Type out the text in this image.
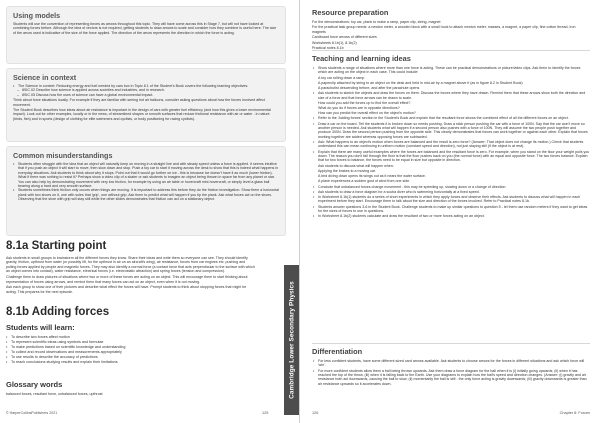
Using models

Students will use the convention of representing forces as arrows throughout this topic. They will have come across this in Stage 7, but will not have looked at combining forces before. Although the idea of vectors is not required, getting students to draw arrows to scale and consider how they combine is useful here. The size of the arrow used is indicative of the size of the force applied. The direction of the arrow represents the direction in which the force is acting.

Science in context
• The Science in context: Reducing energy and fuel needed by cars box in Topic 8.1 of the Student's Book covers the following learning objectives:
– 8SIC.02 Describe how science is applied across societies and industries, and in research.
– 8SIC.05 Discuss how the uses of science can have a global environmental impact.

Think about force situations locally. For example if they are familiar with seeing hot air balloons, consider asking questions about how the forces involved affect movement.

The Student Book describes how ideas about air resistance is important in the design of cars with greater fuel efficiency (and how this gives a lower environmental impact). Look out for other examples, locally or in the news, of streamlined shapes or smooth surfaces that reduce frictional resistance with air or water - in nature (birds, fish) and in sports (design of clothing for elite swimmers and cyclists, or body positioning for racing cyclists).

Common misunderstandings
• Students often struggle with the idea that an object will naturally keep on moving in a straight line and with steady speed unless a force is applied. It seems intuitive that if you push an object it will start to move, then slow down and stop. Push a toy car to start it moving across the desk to show that this is indeed what happens in everyday situations. Ask students to think about why it stops. Point out that it would go further on ice - this is because ice doesn't have it as much (lower friction). What if there was nothing to resist it? Perhaps show a video clip of a skater or ask students to imagine an object being thrown in space far from any planet or star. You can also help by demonstrating movement with very low friction, for example by using an air table or hovercraft mini-hovercraft, or simply level a glass ball bearing along a hard and very smooth surface.
• Students sometimes think friction only occurs when things are moving. It is important to address this before they do the friction investigation. Show them a horizontal plank with two shoes on it, one with soles that 'grip', one without grip. Ask them to predict what will happen if you tip the plank. Ask what forces act on the shoes. Observing that the shoe with grip will stay still while the other slides demonstrates that friction can act on a stationary object.
8.1a Starting point

Ask students in small groups to brainstorm all the different forces they know. Share their ideas and write them so everyone can see. They should identify gravity, friction, upthrust from water (or possibly lift, for the upthrust in air on an aircraft's wing), air resistance, forces from car engines etc. pushing and pulling forces applied by people and magnetic forces. They may also identify a normal force (a contact force that acts perpendicular to the surface with which an object comes into contact), water resistance, electrical forces (i.e. electrostatic attraction) and spring forces (tension and compression).

Challenge them to draw pictures of situations where two or more of these forces are acting on an object. This will encourage them to start thinking about representation of forces using arrows, and remind them that many forces can act on an object, even when it is not moving.

Ask each group to show one of their pictures and describe what effect the forces will have. Prompt students to think about stopping forces that might be acting. This prepares for the next episode.

8.1b Adding forces
Students will learn:
• To describe two forces affect motion
• To represent scientific ideas using symbols and formulae
• To make predictions based on scientific knowledge and understanding
• To collect and record observations and measurements appropriately
• To use results to describe the accuracy of predictions
• To reach conclusions studying results and explain their limitations
Glossary words
balanced forces, resultant force, unbalanced forces, upthrust
© HarperCollinsPublishers 2021	125
Cambridge Lower Secondary Physics
Resource preparation

For the demonstrations: toy car, plank to make a ramp, paper clip, string, magnet

For the practical task group needs: a newton meter, a wooden block with a small hook to attach newton meter, masses, a magnet, a paper clip, fine cotton thread, iron magnets

Cardboard force arrows of different sizes

Worksheets 8.1b(1), 8.1b(2)

Practical notes 8.1b

Teaching and learning ideas
• Show students a range of situations where more than one force is acting. These can be practical demonstrations or picture/video clips. Ask them to identify the forces which are acting on the object in each case. This could include:
A toy car rolling down a ramp
A paperclip attached by string to an object on the desk and held in mid-air by a magnet above it (as in figure 8.2 in Student Book)
A parachutist descending before, and after the parachute opens
• Ask students to sketch the objects and draw the forces on them. Discuss the forces where they have drawn. Remind them that these arrows show both the direction and size of a force and that force arrows can be drawn to scale.
How could you add the forces up to find the overall effect?
What do you do if forces are in opposite directions?
How can you predict the overall effect on the object's motion?
• Refer to the 'Adding forces' section in the Student's Book and explain that the resultant force shows the combined effect of all the different forces on an object.
• Draw a car on the board. Tell the students it is broken down so needs pushing. Draw a stick person pushing the car with a force of 100N. Say that the car won't move so another person is needed. Ask students what will happen if a second person also pushes with a force of 100N. They will assume the two people push together and produce 300N. Draw the second person pushing from the opposite side. This clearly demonstrates that forces can work together or against each other. Explain that forces working together are added whereas opposing forces are subtracted.
• Ask: What happens to an object's motion when forces are balanced and the result is zero force? (Answer: That object does not change its motion.) Check that students understand this can mean continuing in uniform motion (constant speed and direction), not just staying still (if the object is at rest).
• Explain that there are many useful examples where the forces are balanced and the resultant force is zero. For example, when you stand on the floor your weight pulls you down. The reason you don't fall through the floor is that the floor pushes back on you (the normal force) with an equal and opposite force. The two forces balance. Explain that for two forces to balance, the forces need to be equal in size but opposite in direction.
Ask students to discuss what will happen when:
Applying the brakes to a moving car.
A bird diving down opens its wings out as it nears the water surface.
A plane experiences a sudden gust of wind from one side.
• Conclude that unbalanced forces change movement - this may be speeding up, slowing down or a change of direction.
• Ask students to draw a force diagram for a scuba diver who is swimming horizontally at a fixed speed.
• In Worksheet 8.1b(1) students do a series of short experiments in which they apply forces and observe their effects. Ask students to discuss what will happen in each experiment before they start. Encourage them to talk about the size and direction of the forces involved. Refer to Practical notes 8.1b.
• Students answer questions 3-6 in the Student Book. Challenge students to make up similar questions to question 5 - let them use random meters if they want to get ideas for the sizes of forces to use in questions.
• In Worksheet 8.1b(2) students calculate and draw the resultant of two or more forces acting on an object.
Differentiation
• For less confident students, have some different sized card arrows available. Ask students to choose arrows for the forces in different situations and ask which force will 'win'.
• For more confident students allow them a ball being thrown upwards. Ask them draw a force diagram for the ball when it is (i) initially going upwards, (ii) when it has reached the top of the throw, (iii) when it is falling back to the Earth. Use your diagrams to explain how the ball's speed and direction changes. (Answer: (i) gravity and air resistance both act downwards, causing the ball to slow; (ii) momentarily the ball is still - the only force acting is gravity downwards; (iii) gravity downwards is greater than air resistance upwards so it accelerates down.
126	Chapter 8: Forces
